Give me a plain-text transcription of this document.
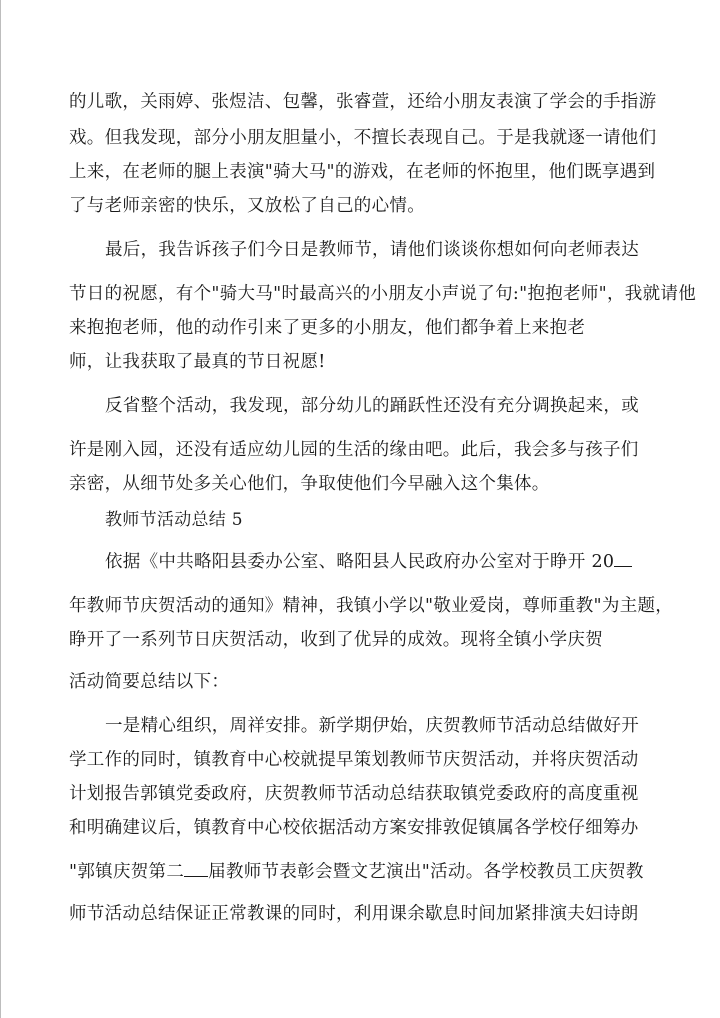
的儿歌，关雨婷、张煜洁、包馨，张睿萱，还给小朋友表演了学会的手指游
戏。但我发现，部分小朋友胆量小，不擅长表现自己。于是我就逐一请他们
上来，在老师的腿上表演"骑大马"的游戏，在老师的怀抱里，他们既享遇到
了与老师亲密的快乐，又放松了自己的心情。
最后，我告诉孩子们今日是教师节，请他们谈谈你想如何向老师表达
节日的祝愿，有个"骑大马"时最高兴的小朋友小声说了句:"抱抱老师"，我就请他
来抱抱老师，他的动作引来了更多的小朋友，他们都争着上来抱老
师，让我获取了最真的节日祝愿!
反省整个活动，我发现，部分幼儿的踊跃性还没有充分调换起来，或
许是刚入园，还没有适应幼儿园的生活的缘由吧。此后，我会多与孩子们
亲密，从细节处多关心他们，争取使他们今早融入这个集体。
教师节活动总结 5
依据《中共略阳县委办公室、略阳县人民政府办公室对于睁开 20
年教师节庆贺活动的通知》精神，我镇小学以"敬业爱岗，尊师重教"为主题，
睁开了一系列节日庆贺活动，收到了优异的成效。现将全镇小学庆贺
活动简要总结以下：
一是精心组织，周祥安排。新学期伊始，庆贺教师节活动总结做好开
学工作的同时，镇教育中心校就提早策划教师节庆贺活动，并将庆贺活动
计划报告郭镇党委政府，庆贺教师节活动总结获取镇党委政府的高度重视
和明确建议后，镇教育中心校依据活动方案安排敦促镇属各学校仔细筹办
"郭镇庆贺第二 届教师节表彰会暨文艺演出"活动。各学校教员工庆贺教
师节活动总结保证正常教课的同时，利用课余歇息时间加紧排演夫妇诗朗
